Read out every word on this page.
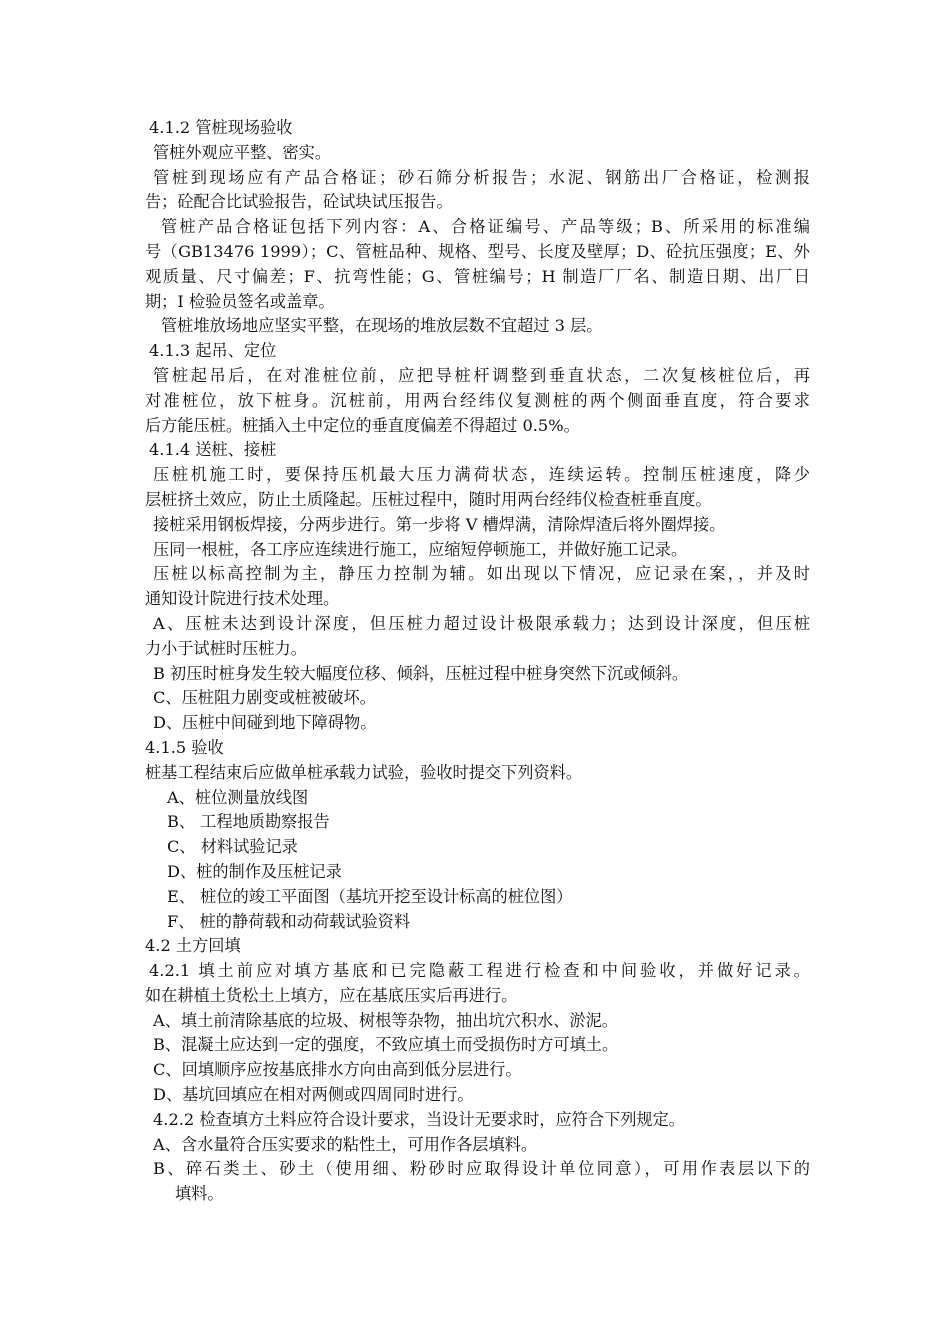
4.1.2 管桩现场验收
管桩外观应平整、密实。
管桩到现场应有产品合格证；砂石筛分析报告；水泥、钢筋出厂合格证，检测报
告；砼配合比试验报告，砼试块试压报告。
管桩产品合格证包括下列内容：A、合格证编号、产品等级；B、所采用的标准编
号（GB13476 1999）；C、管桩品种、规格、型号、长度及壁厚；D、砼抗压强度；E、外
观质量、尺寸偏差；F、抗弯性能；G、管桩编号；H 制造厂厂名、制造日期、出厂日
期；I 检验员签名或盖章。
管桩堆放场地应坚实平整，在现场的堆放层数不宜超过 3 层。
4.1.3 起吊、定位
管桩起吊后，在对准桩位前，应把导桩杆调整到垂直状态，二次复核桩位后，再
对准桩位，放下桩身。沉桩前，用两台经纬仪复测桩的两个侧面垂直度，符合要求
后方能压桩。桩插入土中定位的垂直度偏差不得超过 0.5%。
4.1.4 送桩、接桩
压桩机施工时，要保持压机最大压力满荷状态，连续运转。控制压桩速度，降少
层桩挤土效应，防止土质隆起。压桩过程中，随时用两台经纬仪检查桩垂直度。
接桩采用钢板焊接，分两步进行。第一步将 V 槽焊满，清除焊渣后将外圈焊接。
压同一根桩，各工序应连续进行施工，应缩短停顿施工，并做好施工记录。
压桩以标高控制为主，静压力控制为辅。如出现以下情况，应记录在案，，并及时
通知设计院进行技术处理。
A、压桩未达到设计深度，但压桩力超过设计极限承载力；达到设计深度，但压桩
力小于试桩时压桩力。
B 初压时桩身发生较大幅度位移、倾斜，压桩过程中桩身突然下沉或倾斜。
C、压桩阻力剧变或桩被破坏。
D、压桩中间碰到地下障碍物。
4.1.5 验收
桩基工程结束后应做单桩承载力试验，验收时提交下列资料。
A、桩位测量放线图
B、 工程地质勘察报告
C、 材料试验记录
D、桩的制作及压桩记录
E、 桩位的竣工平面图（基坑开挖至设计标高的桩位图）
F、 桩的静荷载和动荷载试验资料
4.2 土方回填
4.2.1 填土前应对填方基底和已完隐蔽工程进行检查和中间验收，并做好记录。
如在耕植土货松土上填方，应在基底压实后再进行。
A、填土前清除基底的垃圾、树根等杂物，抽出坑穴积水、淤泥。
B、混凝土应达到一定的强度，不致应填土而受损伤时方可填土。
C、回填顺序应按基底排水方向由高到低分层进行。
D、基坑回填应在相对两侧或四周同时进行。
4.2.2 检查填方土料应符合设计要求，当设计无要求时，应符合下列规定。
A、含水量符合压实要求的粘性土，可用作各层填料。
B、碎石类土、砂土（使用细、粉砂时应取得设计单位同意），可用作表层以下的
填料。
